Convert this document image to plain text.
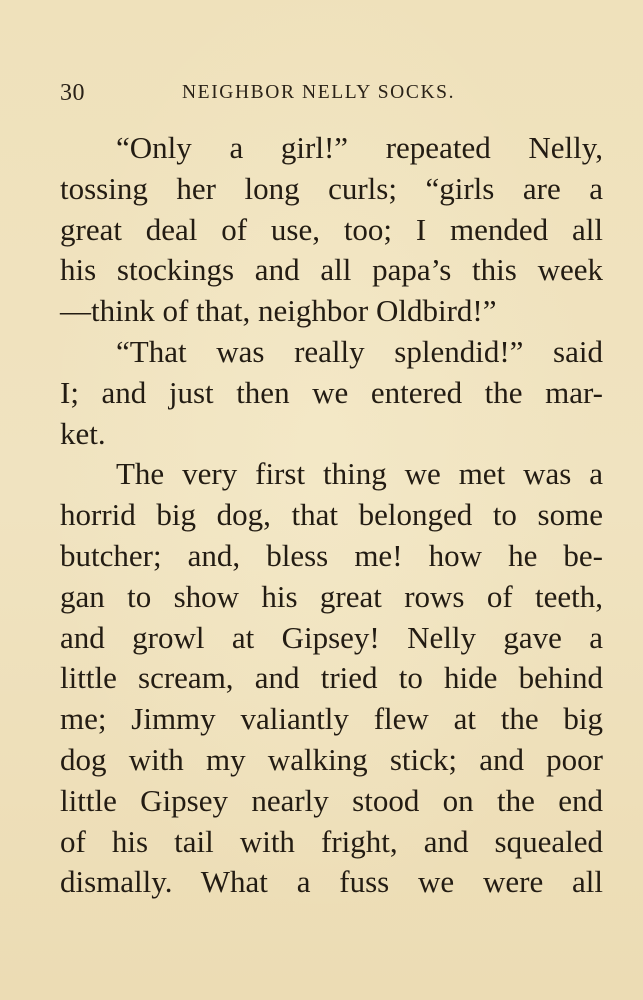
30	NEIGHBOR NELLY SOCKS.
“Only a girl!” repeated Nelly,
tossing her long curls; “girls are a
great deal of use, too; I mended all
his stockings and all papa’s this week
—think of that, neighbor Oldbird!”
“That was really splendid!” said
I; and just then we entered the mar-
ket.
The very first thing we met was a
horrid big dog, that belonged to some
butcher; and, bless me! how he be-
gan to show his great rows of teeth,
and growl at Gipsey! Nelly gave a
little scream, and tried to hide behind
me; Jimmy valiantly flew at the big
dog with my walking stick; and poor
little Gipsey nearly stood on the end
of his tail with fright, and squealed
dismally. What a fuss we were all
